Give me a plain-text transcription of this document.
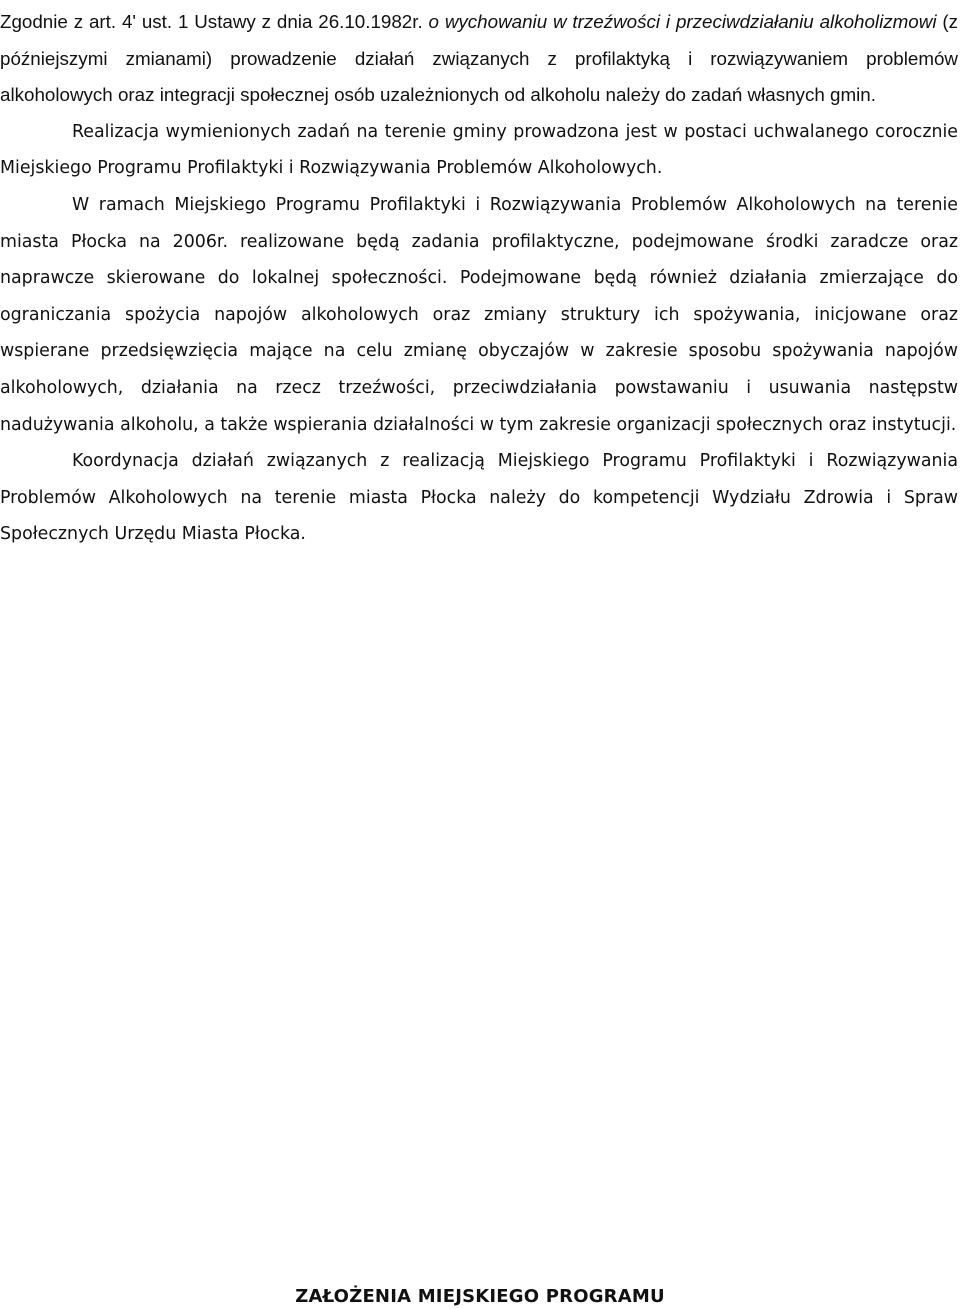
Zgodnie z art. 4' ust. 1 Ustawy z dnia 26.10.1982r. o wychowaniu w trzeźwości i przeciwdziałaniu alkoholizmowi (z późniejszymi zmianami) prowadzenie działań związanych z profilaktyką i rozwiązywaniem problemów alkoholowych oraz integracji społecznej osób uzależnionych od alkoholu należy do zadań własnych gmin.

Realizacja wymienionych zadań na terenie gminy prowadzona jest w postaci uchwalanego corocznie Miejskiego Programu Profilaktyki i Rozwiązywania Problemów Alkoholowych.

W ramach Miejskiego Programu Profilaktyki i Rozwiązywania Problemów Alkoholowych na terenie miasta Płocka na 2006r. realizowane będą zadania profilaktyczne, podejmowane środki zaradcze oraz naprawcze skierowane do lokalnej społeczności. Podejmowane będą również działania zmierzające do ograniczania spożycia napojów alkoholowych oraz zmiany struktury ich spożywania, inicjowane oraz wspierane przedsięwzięcia mające na celu zmianę obyczajów w zakresie sposobu spożywania napojów alkoholowych, działania na rzecz trzeźwości, przeciwdziałania powstawaniu i usuwania następstw nadużywania alkoholu, a także wspierania działalności w tym zakresie organizacji społecznych oraz instytucji.

Koordynacja działań związanych z realizacją Miejskiego Programu Profilaktyki i Rozwiązywania Problemów Alkoholowych na terenie miasta Płocka należy do kompetencji Wydziału Zdrowia i Spraw Społecznych Urzędu Miasta Płocka.

ZAŁOŻENIA MIEJSKIEGO PROGRAMU
